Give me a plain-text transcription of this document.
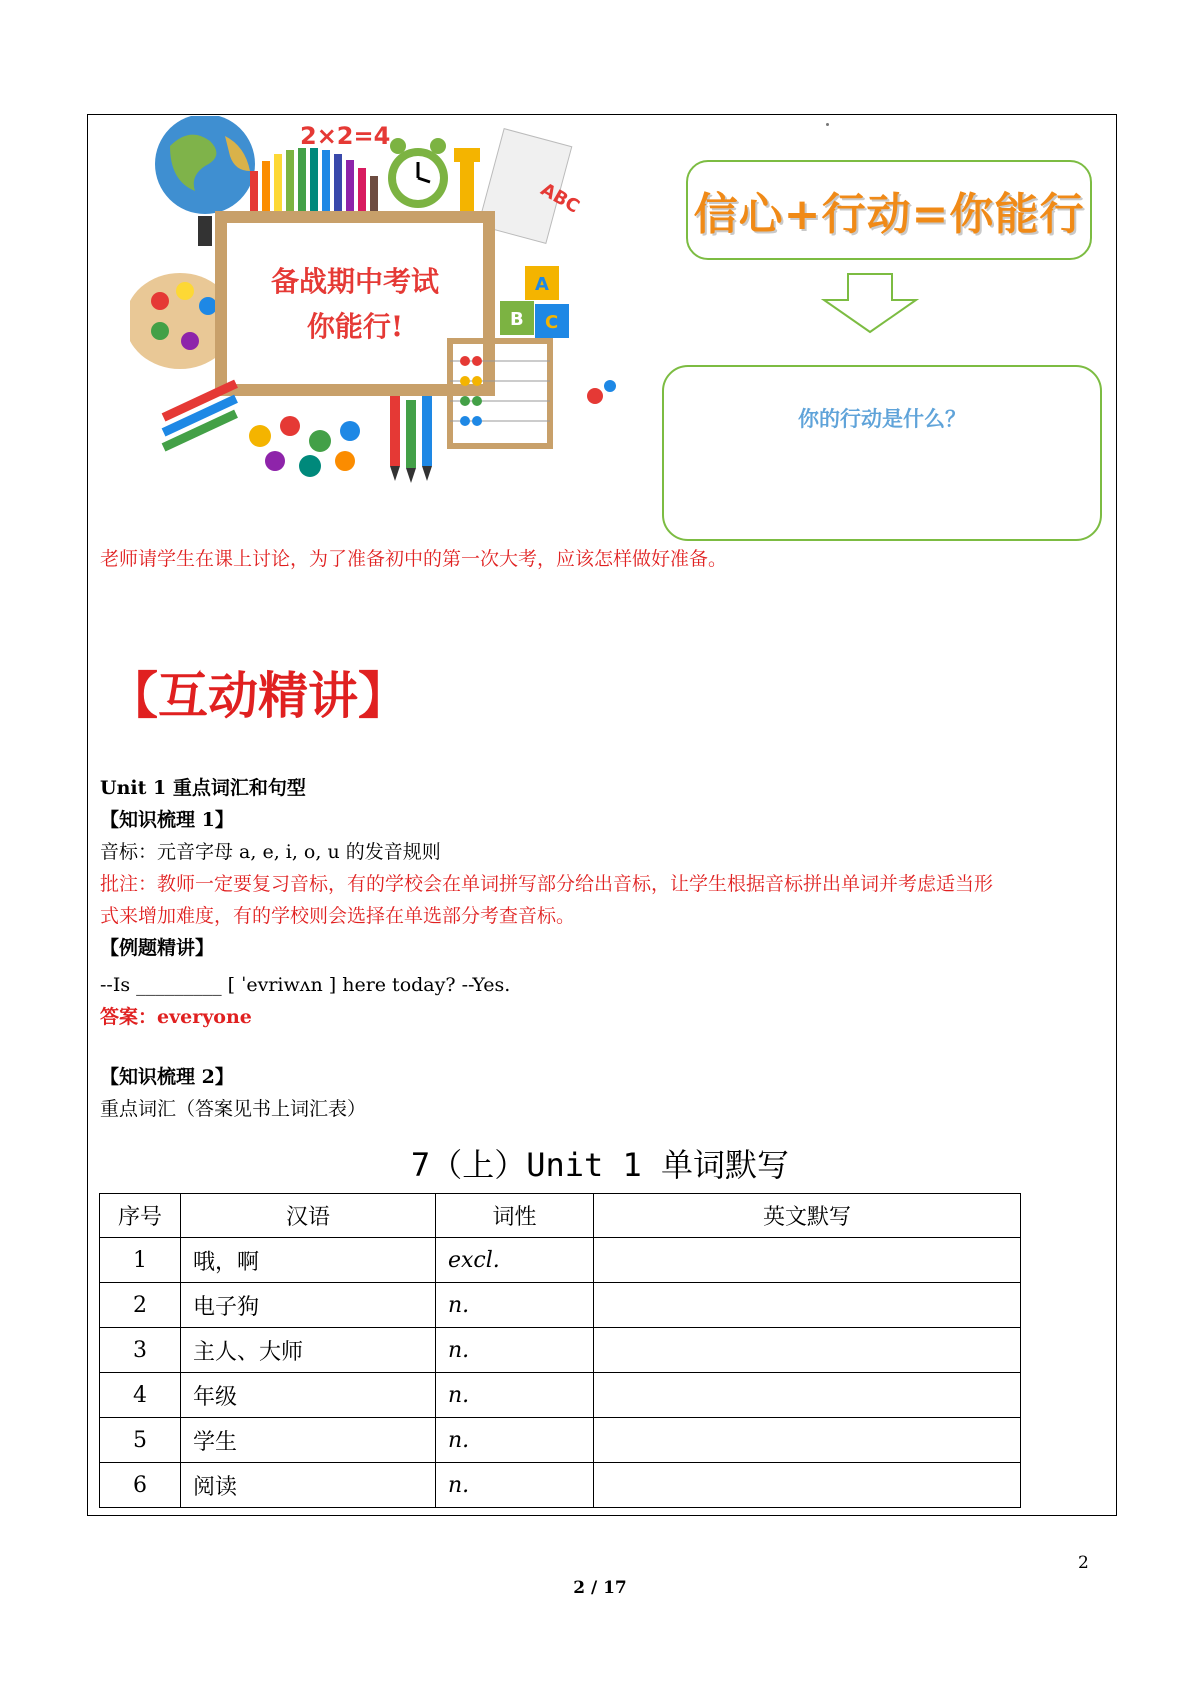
2×2=4
ABC
备战期中考试
你能行!
A
B C
信心+行动=你能行
你的行动是什么？
老师请学生在课上讨论，为了准备初中的第一次大考，应该怎样做好准备。
【互动精讲】
Unit 1 重点词汇和句型
【知识梳理 1】
音标：元音字母 a, e, i, o, u 的发音规则
批注：教师一定要复习音标，有的学校会在单词拼写部分给出音标，让学生根据音标拼出单词并考虑适当形
式来增加难度，有的学校则会选择在单选部分考查音标。
【例题精讲】
--Is _________ [ ˈevriwʌn ] here today? --Yes.
答案：everyone
【知识梳理 2】
重点词汇（答案见书上词汇表）
7（上）Unit 1 单词默写
序号	汉语	词性	英文默写
1	哦，啊	excl.	
2	电子狗	n.	
3	主人、大师	n.	
4	年级	n.	
5	学生	n.	
6	阅读	n.	
2
2 / 17
